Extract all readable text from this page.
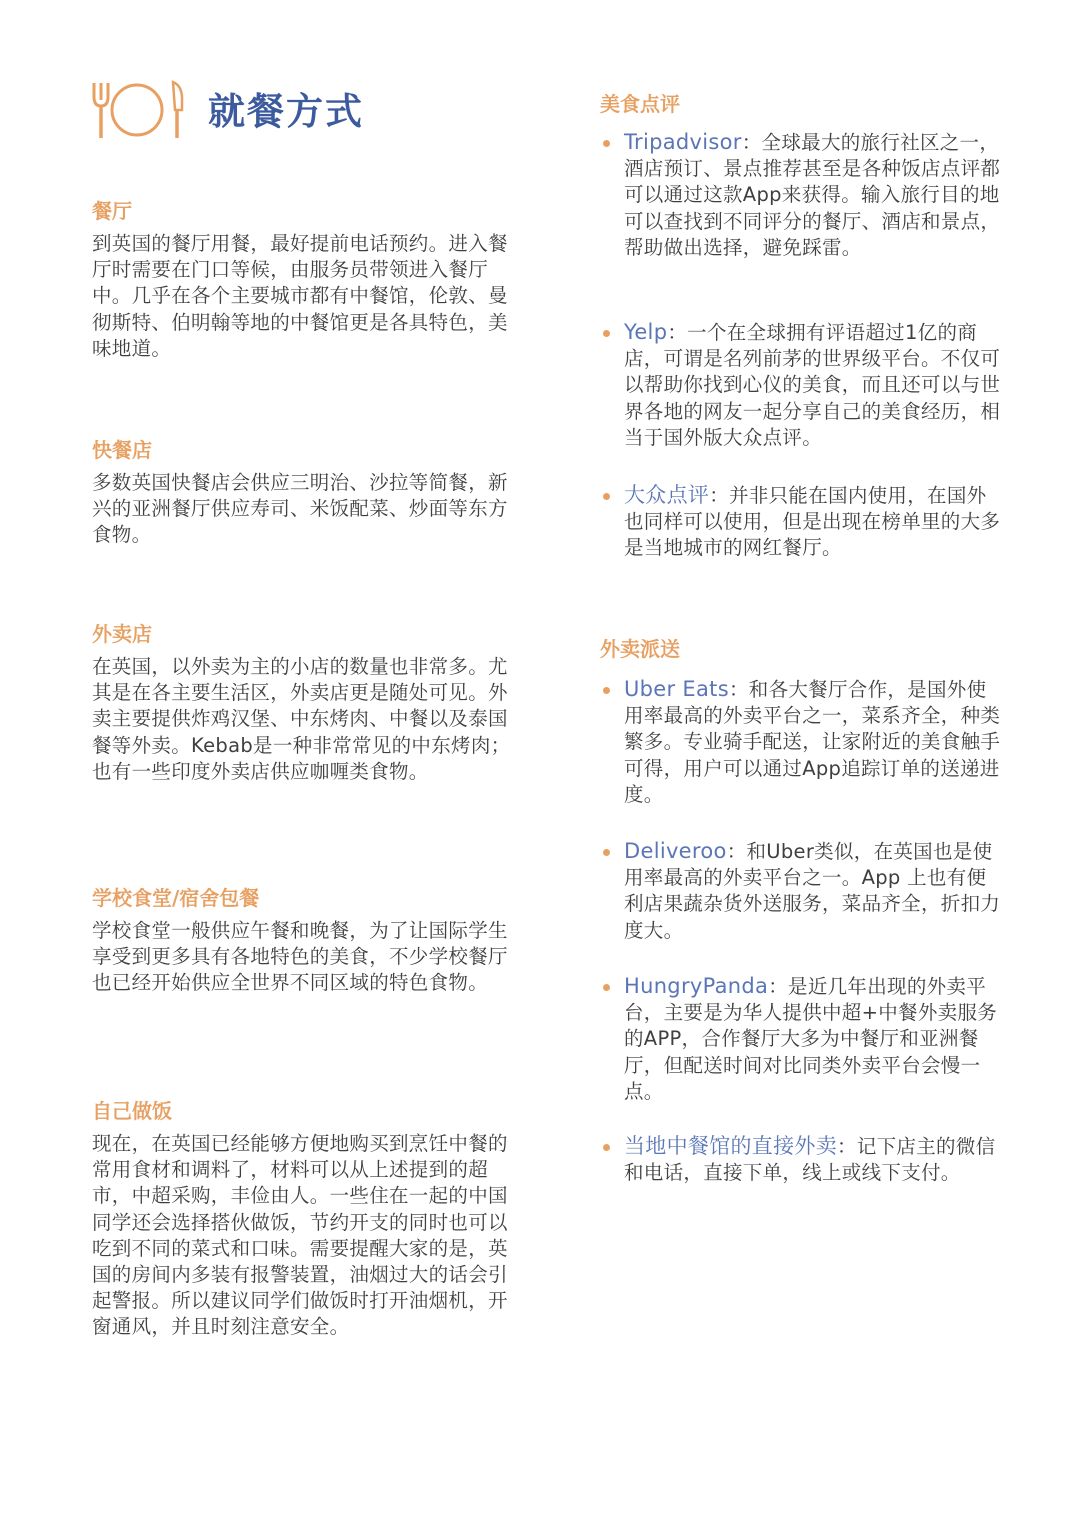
就餐方式
餐厅
到英国的餐厅用餐，最好提前电话预约。进入餐厅时需要在门口等候，由服务员带领进入餐厅中。几乎在各个主要城市都有中餐馆，伦敦、曼彻斯特、伯明翰等地的中餐馆更是各具特色，美味地道。
快餐店
多数英国快餐店会供应三明治、沙拉等简餐，新兴的亚洲餐厅供应寿司、米饭配菜、炒面等东方食物。
外卖店
在英国，以外卖为主的小店的数量也非常多。尤其是在各主要生活区，外卖店更是随处可见。外卖主要提供炸鸡汉堡、中东烤肉、中餐以及泰国餐等外卖。Kebab是一种非常常见的中东烤肉；也有一些印度外卖店供应咖喱类食物。
学校食堂/宿舍包餐
学校食堂一般供应午餐和晚餐，为了让国际学生享受到更多具有各地特色的美食，不少学校餐厅也已经开始供应全世界不同区域的特色食物。
自己做饭
现在，在英国已经能够方便地购买到烹饪中餐的常用食材和调料了，材料可以从上述提到的超市，中超采购，丰俭由人。一些住在一起的中国同学还会选择搭伙做饭，节约开支的同时也可以吃到不同的菜式和口味。需要提醒大家的是，英国的房间内多装有报警装置，油烟过大的话会引起警报。所以建议同学们做饭时打开油烟机，开窗通风，并且时刻注意安全。
美食点评
Tripadvisor：全球最大的旅行社区之一，酒店预订、景点推荐甚至是各种饭店点评都可以通过这款App来获得。输入旅行目的地可以查找到不同评分的餐厅、酒店和景点，帮助做出选择，避免踩雷。
Yelp：一个在全球拥有评语超过1亿的商店，可谓是名列前茅的世界级平台。不仅可以帮助你找到心仪的美食，而且还可以与世界各地的网友一起分享自己的美食经历，相当于国外版大众点评。
大众点评：并非只能在国内使用，在国外也同样可以使用，但是出现在榜单里的大多是当地城市的网红餐厅。
外卖派送
Uber Eats：和各大餐厅合作，是国外使用率最高的外卖平台之一，菜系齐全，种类繁多。专业骑手配送，让家附近的美食触手可得，用户可以通过App追踪订单的送递进度。
Deliveroo：和Uber类似，在英国也是使用率最高的外卖平台之一。App 上也有便利店果蔬杂货外送服务，菜品齐全，折扣力度大。
HungryPanda：是近几年出现的外卖平台，主要是为华人提供中超+中餐外卖服务的APP，合作餐厅大多为中餐厅和亚洲餐厅，但配送时间对比同类外卖平台会慢一点。
当地中餐馆的直接外卖：记下店主的微信和电话，直接下单，线上或线下支付。
